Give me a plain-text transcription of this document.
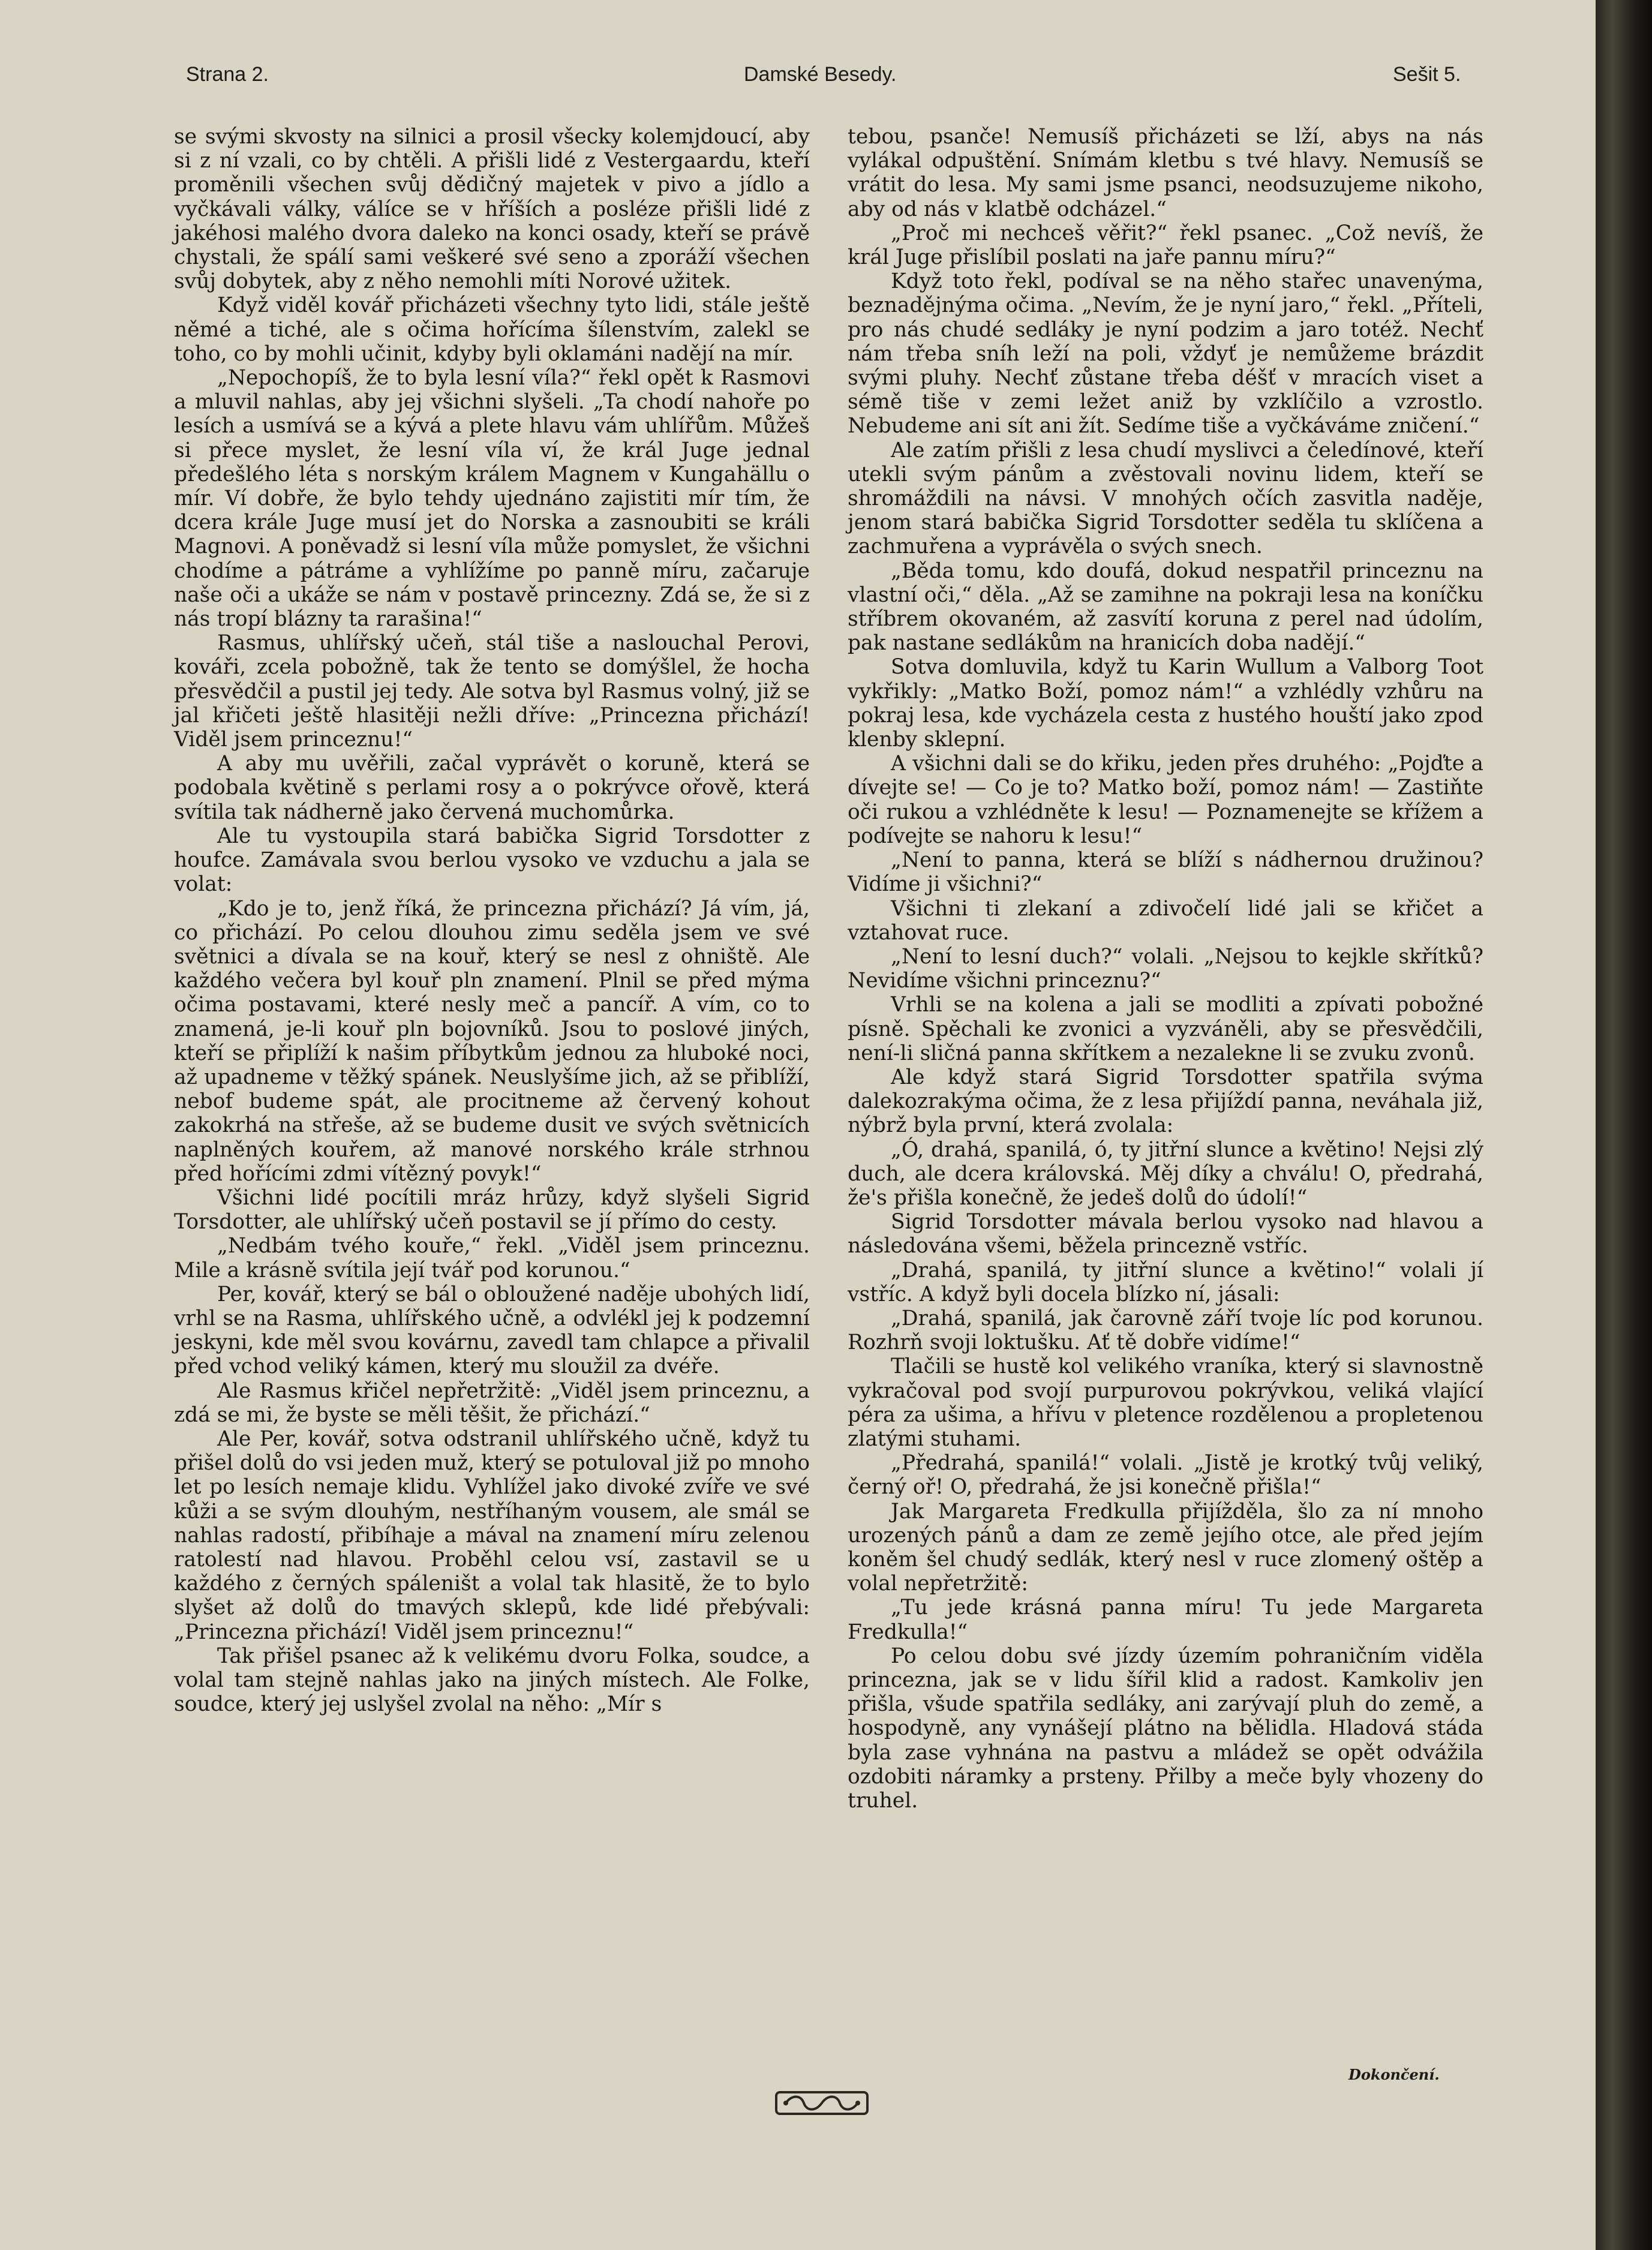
Strana 2.	Damské Besedy.	Sešit 5.

se svými skvosty na silnici a prosil všecky kolemjdoucí, aby si z ní vzali, co by chtěli. A přišli lidé z Vestergaardu, kteří proměnili všechen svůj dědičný majetek v pivo a jídlo a vyčkávali války, válíce se v hříších a posléze přišli lidé z jakéhosi malého dvora daleko na konci osady, kteří se právě chystali, že spálí sami veškeré své seno a zporáží všechen svůj dobytek, aby z něho nemohli míti Norové užitek.

Když viděl kovář přicházeti všechny tyto lidi, stále ještě němé a tiché, ale s očima hořícíma šílenstvím, zalekl se toho, co by mohli učinit, kdyby byli oklamáni nadějí na mír.

„Nepochopíš, že to byla lesní víla?“ řekl opět k Rasmovi a mluvil nahlas, aby jej všichni slyšeli. „Ta chodí nahoře po lesích a usmívá se a kývá a plete hlavu vám uhlířům. Můžeš si přece myslet, že lesní víla ví, že král Juge jednal předešlého léta s norským králem Magnem v Kungahällu o mír. Ví dobře, že bylo tehdy ujednáno zajistiti mír tím, že dcera krále Juge musí jet do Norska a zasnoubiti se králi Magnovi. A poněvadž si lesní víla může pomyslet, že všichni chodíme a pátráme a vyhlížíme po panně míru, začaruje naše oči a ukáže se nám v postavě princezny. Zdá se, že si z nás tropí blázny ta rarašina!“

Rasmus, uhlířský učeň, stál tiše a naslouchal Perovi, kováři, zcela pobožně, tak že tento se domýšlel, že hocha přesvědčil a pustil jej tedy. Ale sotva byl Rasmus volný, již se jal křičeti ještě hlasitěji nežli dříve: „Princezna přichází! Viděl jsem princeznu!“

A aby mu uvěřili, začal vyprávět o koruně, která se podobala květině s perlami rosy a o pokrývce ořově, která svítila tak nádherně jako červená muchomůrka.

Ale tu vystoupila stará babička Sigrid Torsdotter z houfce. Zamávala svou berlou vysoko ve vzduchu a jala se volat:

„Kdo je to, jenž říká, že princezna přichází? Já vím, já, co přichází. Po celou dlouhou zimu seděla jsem ve své světnici a dívala se na kouř, který se nesl z ohniště. Ale každého večera byl kouř pln znamení. Plnil se před mýma očima postavami, které nesly meč a pancíř. A vím, co to znamená, je-li kouř pln bojovníků. Jsou to poslové jiných, kteří se připlíží k našim příbytkům jednou za hluboké noci, až upadneme v těžký spánek. Neuslyšíme jich, až se přiblíží, nebof budeme spát, ale procitneme až červený kohout zakokrhá na střeše, až se budeme dusit ve svých světnicích naplněných kouřem, až manové norského krále strhnou před hořícími zdmi vítězný povyk!“

Všichni lidé pocítili mráz hrůzy, když slyšeli Sigrid Torsdotter, ale uhlířský učeň postavil se jí přímo do cesty.

„Nedbám tvého kouře,“ řekl. „Viděl jsem princeznu. Mile a krásně svítila její tvář pod korunou.“

Per, kovář, který se bál o obloužené naděje ubohých lidí, vrhl se na Rasma, uhlířského učně, a odvlékl jej k podzemní jeskyni, kde měl svou kovárnu, zavedl tam chlapce a přivalil před vchod veliký kámen, který mu sloužil za dvéře.

Ale Rasmus křičel nepřetržitě: „Viděl jsem princeznu, a zdá se mi, že byste se měli těšit, že přichází.“

Ale Per, kovář, sotva odstranil uhlířského učně, když tu přišel dolů do vsi jeden muž, který se potuloval již po mnoho let po lesích nemaje klidu. Vyhlížel jako divoké zvíře ve své kůži a se svým dlouhým, nestříhaným vousem, ale smál se nahlas radostí, přibíhaje a mával na znamení míru zelenou ratolestí nad hlavou. Proběhl celou vsí, zastavil se u každého z černých spáleništ a volal tak hlasitě, že to bylo slyšet až dolů do tmavých sklepů, kde lidé přebývali: „Princezna přichází! Viděl jsem princeznu!“

Tak přišel psanec až k velikému dvoru Folka, soudce, a volal tam stejně nahlas jako na jiných místech. Ale Folke, soudce, který jej uslyšel zvolal na něho: „Mír s

tebou, psanče! Nemusíš přicházeti se lží, abys na nás vylákal odpuštění. Snímám kletbu s tvé hlavy. Nemusíš se vrátit do lesa. My sami jsme psanci, neodsuzujeme nikoho, aby od nás v klatbě odcházel.“

„Proč mi nechceš věřit?“ řekl psanec. „Což nevíš, že král Juge přislíbil poslati na jaře pannu míru?“

Když toto řekl, podíval se na něho stařec unavenýma, beznadějnýma očima. „Nevím, že je nyní jaro,“ řekl. „Příteli, pro nás chudé sedláky je nyní podzim a jaro totéž. Nechť nám třeba sníh leží na poli, vždyť je nemůžeme brázdit svými pluhy. Nechť zůstane třeba déšť v mracích viset a sémě tiše v zemi ležet aniž by vzklíčilo a vzrostlo. Nebudeme ani sít ani žít. Sedíme tiše a vyčkáváme zničení.“

Ale zatím přišli z lesa chudí myslivci a čeledínové, kteří utekli svým pánům a zvěstovali novinu lidem, kteří se shromáždili na návsi. V mnohých očích zasvitla naděje, jenom stará babička Sigrid Torsdotter seděla tu sklíčena a zachmuřena a vyprávěla o svých snech.

„Běda tomu, kdo doufá, dokud nespatřil princeznu na vlastní oči,“ děla. „Až se zamihne na pokraji lesa na koníčku stříbrem okovaném, až zasvítí koruna z perel nad údolím, pak nastane sedlákům na hranicích doba nadějí.“

Sotva domluvila, když tu Karin Wullum a Valborg Toot vykřikly: „Matko Boží, pomoz nám!“ a vzhlédly vzhůru na pokraj lesa, kde vycházela cesta z hustého houští jako zpod klenby sklepní.

A všichni dali se do křiku, jeden přes druhého: „Pojďte a dívejte se! — Co je to? Matko boží, pomoz nám! — Zastiňte oči rukou a vzhlédněte k lesu! — Poznamenejte se křížem a podívejte se nahoru k lesu!“

„Není to panna, která se blíží s nádhernou družinou? Vidíme ji všichni?“

Všichni ti zlekaní a zdivočelí lidé jali se křičet a vztahovat ruce.

„Není to lesní duch?“ volali. „Nejsou to kejkle skřítků? Nevidíme všichni princeznu?“

Vrhli se na kolena a jali se modliti a zpívati pobožné písně. Spěchali ke zvonici a vyzváněli, aby se přesvědčili, není-li sličná panna skřítkem a nezalekne li se zvuku zvonů.

Ale když stará Sigrid Torsdotter spatřila svýma dalekozrakýma očima, že z lesa přijíždí panna, neváhala již, nýbrž byla první, která zvolala:

„Ó, drahá, spanilá, ó, ty jitřní slunce a květino! Nejsi zlý duch, ale dcera královská. Měj díky a chválu! O, předrahá, že's přišla konečně, že jedeš dolů do údolí!“

Sigrid Torsdotter mávala berlou vysoko nad hlavou a následována všemi, běžela princezně vstříc.

„Drahá, spanilá, ty jitřní slunce a květino!“ volali jí vstříc. A když byli docela blízko ní, jásali:

„Drahá, spanilá, jak čarovně září tvoje líc pod korunou. Rozhrň svoji loktušku. Ať tě dobře vidíme!“

Tlačili se hustě kol velikého vraníka, který si slavnostně vykračoval pod svojí purpurovou pokrývkou, veliká vlající péra za ušima, a hřívu v pletence rozdělenou a propletenou zlatými stuhami.

„Předrahá, spanilá!“ volali. „Jistě je krotký tvůj veliký, černý oř! O, předrahá, že jsi konečně přišla!“

Jak Margareta Fredkulla přijížděla, šlo za ní mnoho urozených pánů a dam ze země jejího otce, ale před jejím koněm šel chudý sedlák, který nesl v ruce zlomený oštěp a volal nepřetržitě:

„Tu jede krásná panna míru! Tu jede Margareta Fredkulla!“

Po celou dobu své jízdy územím pohraničním viděla princezna, jak se v lidu šířil klid a radost. Kamkoliv jen přišla, všude spatřila sedláky, ani zarývají pluh do země, a hospodyně, any vynášejí plátno na bělidla. Hladová stáda byla zase vyhnána na pastvu a mládež se opět odvážila ozdobiti náramky a prsteny. Přilby a meče byly vhozeny do truhel.

Dokončení.
